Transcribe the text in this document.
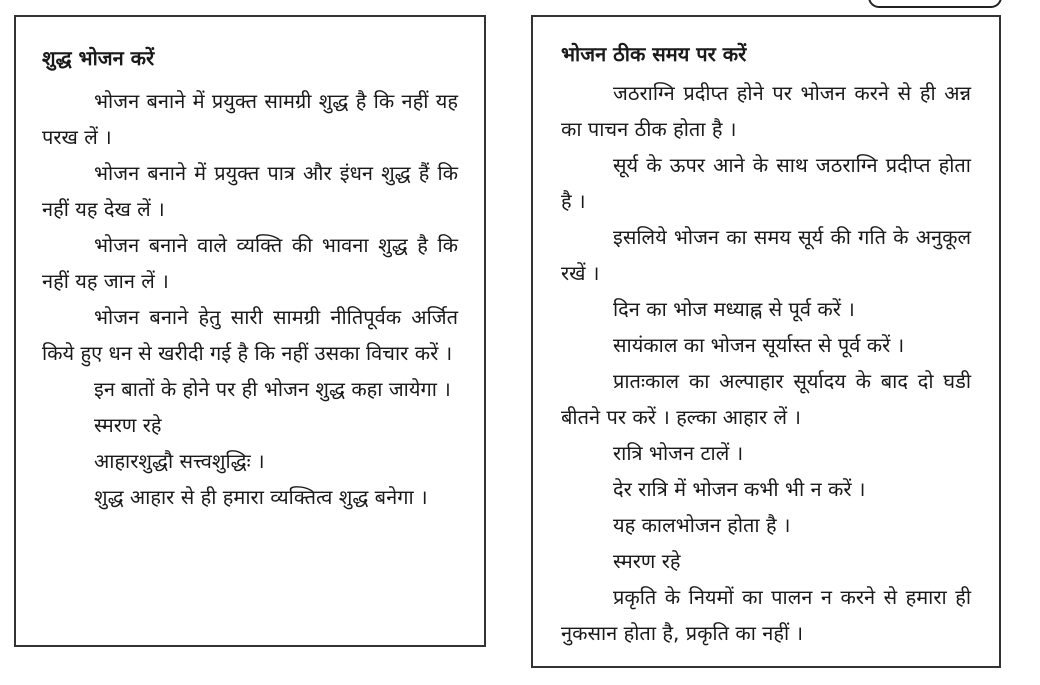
शुद्ध भोजन करें

भोजन बनाने में प्रयुक्त सामग्री शुद्ध है कि नहीं यह परख लें ।

भोजन बनाने में प्रयुक्त पात्र और इंधन शुद्ध हैं कि नहीं यह देख लें ।

भोजन बनाने वाले व्यक्ति की भावना शुद्ध है कि नहीं यह जान लें ।

भोजन बनाने हेतु सारी सामग्री नीतिपूर्वक अर्जित किये हुए धन से खरीदी गई है कि नहीं उसका विचार करें ।

इन बातों के होने पर ही भोजन शुद्ध कहा जायेगा ।

स्मरण रहे

आहारशुद्धौ सत्त्वशुद्धिः ।

शुद्ध आहार से ही हमारा व्यक्तित्व शुद्ध बनेगा ।

भोजन ठीक समय पर करें

जठराग्नि प्रदीप्त होने पर भोजन करने से ही अन्न का पाचन ठीक होता है ।

सूर्य के ऊपर आने के साथ जठराग्नि प्रदीप्त होता है ।

इसलिये भोजन का समय सूर्य की गति के अनुकूल रखें ।

दिन का भोज मध्याह्न से पूर्व करें ।

सायंकाल का भोजन सूर्यास्त से पूर्व करें ।

प्रातःकाल का अल्पाहार सूर्यादय के बाद दो घडी बीतने पर करें । हल्का आहार लें ।

रात्रि भोजन टालें ।

देर रात्रि में भोजन कभी भी न करें ।

यह कालभोजन होता है ।

स्मरण रहे

प्रकृति के नियमों का पालन न करने से हमारा ही नुकसान होता है, प्रकृति का नहीं ।
